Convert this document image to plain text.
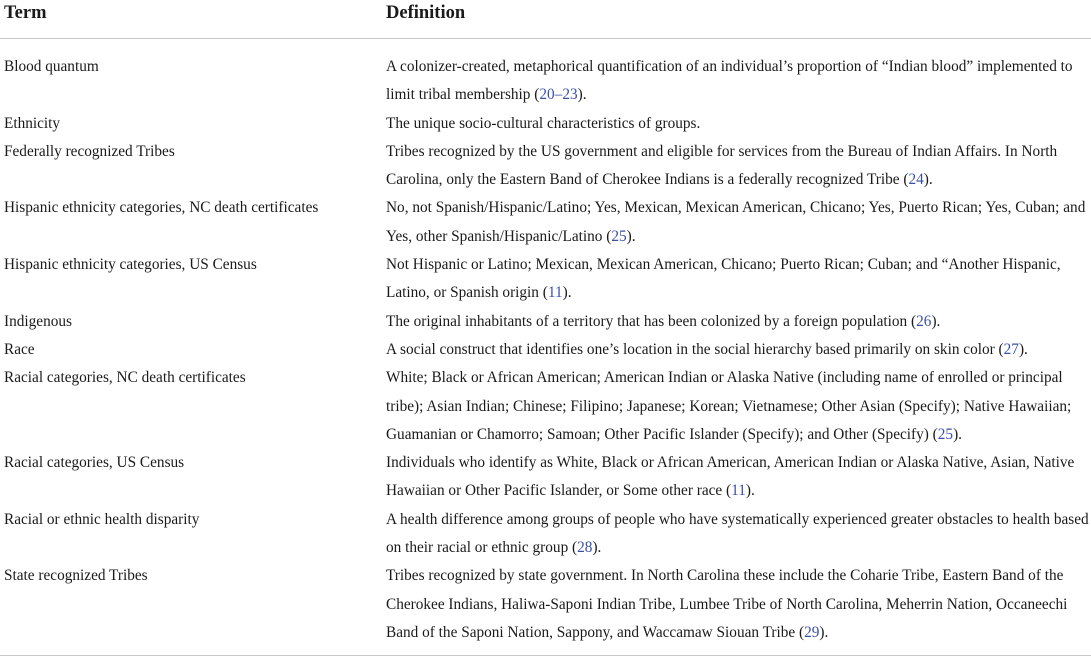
Term	Definition
Blood quantum	A colonizer-created, metaphorical quantification of an individual’s proportion of “Indian blood” implemented to limit tribal membership (20–23).
Ethnicity	The unique socio-cultural characteristics of groups.
Federally recognized Tribes	Tribes recognized by the US government and eligible for services from the Bureau of Indian Affairs. In North Carolina, only the Eastern Band of Cherokee Indians is a federally recognized Tribe (24).
Hispanic ethnicity categories, NC death certificates	No, not Spanish/Hispanic/Latino; Yes, Mexican, Mexican American, Chicano; Yes, Puerto Rican; Yes, Cuban; and Yes, other Spanish/Hispanic/Latino (25).
Hispanic ethnicity categories, US Census	Not Hispanic or Latino; Mexican, Mexican American, Chicano; Puerto Rican; Cuban; and “Another Hispanic, Latino, or Spanish origin (11).
Indigenous	The original inhabitants of a territory that has been colonized by a foreign population (26).
Race	A social construct that identifies one’s location in the social hierarchy based primarily on skin color (27).
Racial categories, NC death certificates	White; Black or African American; American Indian or Alaska Native (including name of enrolled or principal tribe); Asian Indian; Chinese; Filipino; Japanese; Korean; Vietnamese; Other Asian (Specify); Native Hawaiian; Guamanian or Chamorro; Samoan; Other Pacific Islander (Specify); and Other (Specify) (25).
Racial categories, US Census	Individuals who identify as White, Black or African American, American Indian or Alaska Native, Asian, Native Hawaiian or Other Pacific Islander, or Some other race (11).
Racial or ethnic health disparity	A health difference among groups of people who have systematically experienced greater obstacles to health based on their racial or ethnic group (28).
State recognized Tribes	Tribes recognized by state government. In North Carolina these include the Coharie Tribe, Eastern Band of the Cherokee Indians, Haliwa-Saponi Indian Tribe, Lumbee Tribe of North Carolina, Meherrin Nation, Occaneechi Band of the Saponi Nation, Sappony, and Waccamaw Siouan Tribe (29).
